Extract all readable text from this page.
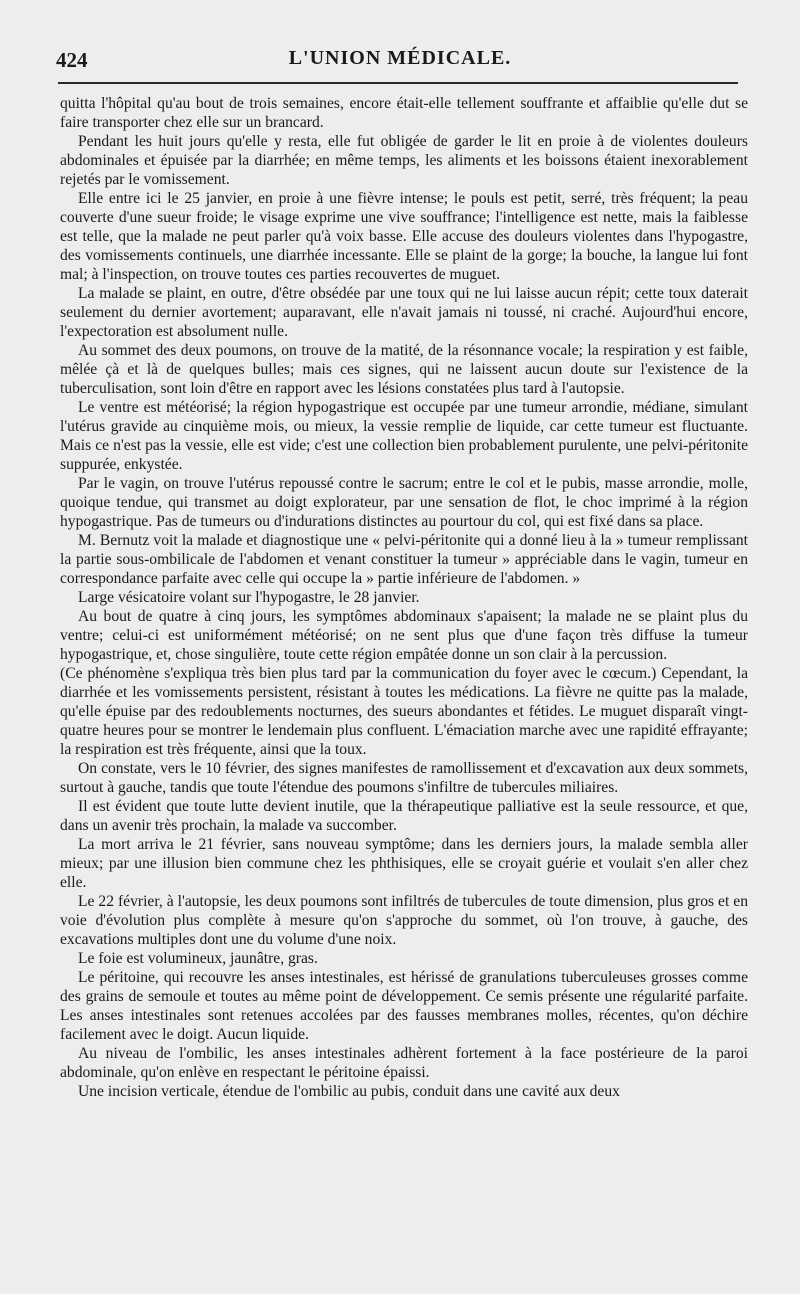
424	L'UNION MÉDICALE.

quitta l'hôpital qu'au bout de trois semaines, encore était-elle tellement souffrante et affaiblie qu'elle dut se faire transporter chez elle sur un brancard.

Pendant les huit jours qu'elle y resta, elle fut obligée de garder le lit en proie à de violentes douleurs abdominales et épuisée par la diarrhée; en même temps, les aliments et les boissons étaient inexorablement rejetés par le vomissement.

Elle entre ici le 25 janvier, en proie à une fièvre intense; le pouls est petit, serré, très fréquent; la peau couverte d'une sueur froide; le visage exprime une vive souffrance; l'intelligence est nette, mais la faiblesse est telle, que la malade ne peut parler qu'à voix basse. Elle accuse des douleurs violentes dans l'hypogastre, des vomissements continuels, une diarrhée incessante. Elle se plaint de la gorge; la bouche, la langue lui font mal; à l'inspection, on trouve toutes ces parties recouvertes de muguet.

La malade se plaint, en outre, d'être obsédée par une toux qui ne lui laisse aucun répit; cette toux daterait seulement du dernier avortement; auparavant, elle n'avait jamais ni toussé, ni craché. Aujourd'hui encore, l'expectoration est absolument nulle.

Au sommet des deux poumons, on trouve de la matité, de la résonnance vocale; la respiration y est faible, mêlée çà et là de quelques bulles; mais ces signes, qui ne laissent aucun doute sur l'existence de la tuberculisation, sont loin d'être en rapport avec les lésions constatées plus tard à l'autopsie.

Le ventre est météorisé; la région hypogastrique est occupée par une tumeur arrondie, médiane, simulant l'utérus gravide au cinquième mois, ou mieux, la vessie remplie de liquide, car cette tumeur est fluctuante. Mais ce n'est pas la vessie, elle est vide; c'est une collection bien probablement purulente, une pelvi-péritonite suppurée, enkystée.

Par le vagin, on trouve l'utérus repoussé contre le sacrum; entre le col et le pubis, masse arrondie, molle, quoique tendue, qui transmet au doigt explorateur, par une sensation de flot, le choc imprimé à la région hypogastrique. Pas de tumeurs ou d'indurations distinctes au pourtour du col, qui est fixé dans sa place.

M. Bernutz voit la malade et diagnostique une « pelvi-péritonite qui a donné lieu à la » tumeur remplissant la partie sous-ombilicale de l'abdomen et venant constituer la tumeur » appréciable dans le vagin, tumeur en correspondance parfaite avec celle qui occupe la » partie inférieure de l'abdomen. »

Large vésicatoire volant sur l'hypogastre, le 28 janvier.

Au bout de quatre à cinq jours, les symptômes abdominaux s'apaisent; la malade ne se plaint plus du ventre; celui-ci est uniformément météorisé; on ne sent plus que d'une façon très diffuse la tumeur hypogastrique, et, chose singulière, toute cette région empâtée donne un son clair à la percussion.

(Ce phénomène s'expliqua très bien plus tard par la communication du foyer avec le cœcum.) Cependant, la diarrhée et les vomissements persistent, résistant à toutes les médications. La fièvre ne quitte pas la malade, qu'elle épuise par des redoublements nocturnes, des sueurs abondantes et fétides. Le muguet disparaît vingt-quatre heures pour se montrer le lendemain plus confluent. L'émaciation marche avec une rapidité effrayante; la respiration est très fréquente, ainsi que la toux.

On constate, vers le 10 février, des signes manifestes de ramollissement et d'excavation aux deux sommets, surtout à gauche, tandis que toute l'étendue des poumons s'infiltre de tubercules miliaires.

Il est évident que toute lutte devient inutile, que la thérapeutique palliative est la seule ressource, et que, dans un avenir très prochain, la malade va succomber.

La mort arriva le 21 février, sans nouveau symptôme; dans les derniers jours, la malade sembla aller mieux; par une illusion bien commune chez les phthisiques, elle se croyait guérie et voulait s'en aller chez elle.

Le 22 février, à l'autopsie, les deux poumons sont infiltrés de tubercules de toute dimension, plus gros et en voie d'évolution plus complète à mesure qu'on s'approche du sommet, où l'on trouve, à gauche, des excavations multiples dont une du volume d'une noix.

Le foie est volumineux, jaunâtre, gras.

Le péritoine, qui recouvre les anses intestinales, est hérissé de granulations tuberculeuses grosses comme des grains de semoule et toutes au même point de développement. Ce semis présente une régularité parfaite. Les anses intestinales sont retenues accolées par des fausses membranes molles, récentes, qu'on déchire facilement avec le doigt. Aucun liquide.

Au niveau de l'ombilic, les anses intestinales adhèrent fortement à la face postérieure de la paroi abdominale, qu'on enlève en respectant le péritoine épaissi.

Une incision verticale, étendue de l'ombilic au pubis, conduit dans une cavité aux deux
